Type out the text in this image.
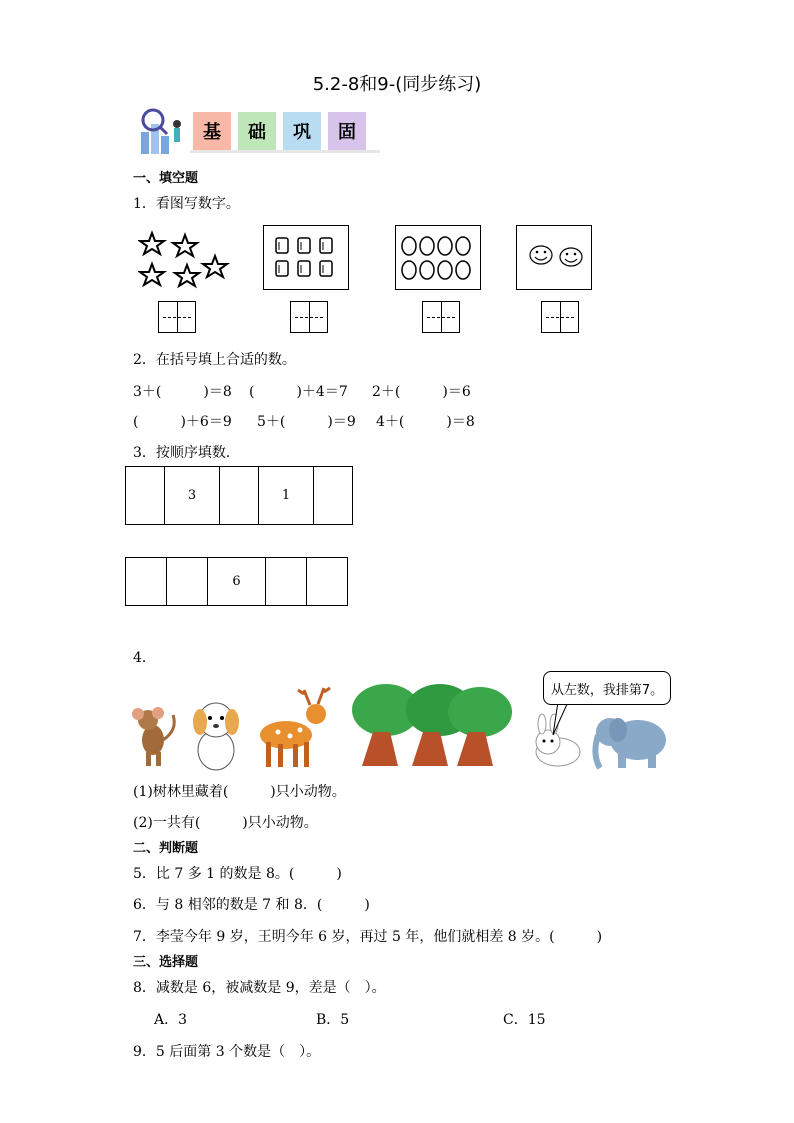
5.2-8和9-(同步练习)
基	础	巩	固
一、填空题
1．看图写数字。
2．在括号填上合适的数。
3＋(　　　)＝8 (　　　)＋4＝7 2＋(　　　)＝6
(　　　)＋6＝9 5＋(　　　)＝9 4＋(　　　)＝8
3．按顺序填数．
3	1
6
4．
从左数，我排第7。
(1)树林里藏着(　　　)只小动物。
(2)一共有(　　　)只小动物。
二、判断题
5．比 7 多 1 的数是 8。(　　　)
6．与 8 相邻的数是 7 和 8．(　　　)
7．李莹今年 9 岁，王明今年 6 岁，再过 5 年，他们就相差 8 岁。(　　　)
三、选择题
8．减数是 6，被减数是 9，差是（　）。
A．3	B．5	C．15
9．5 后面第 3 个数是（　）。
